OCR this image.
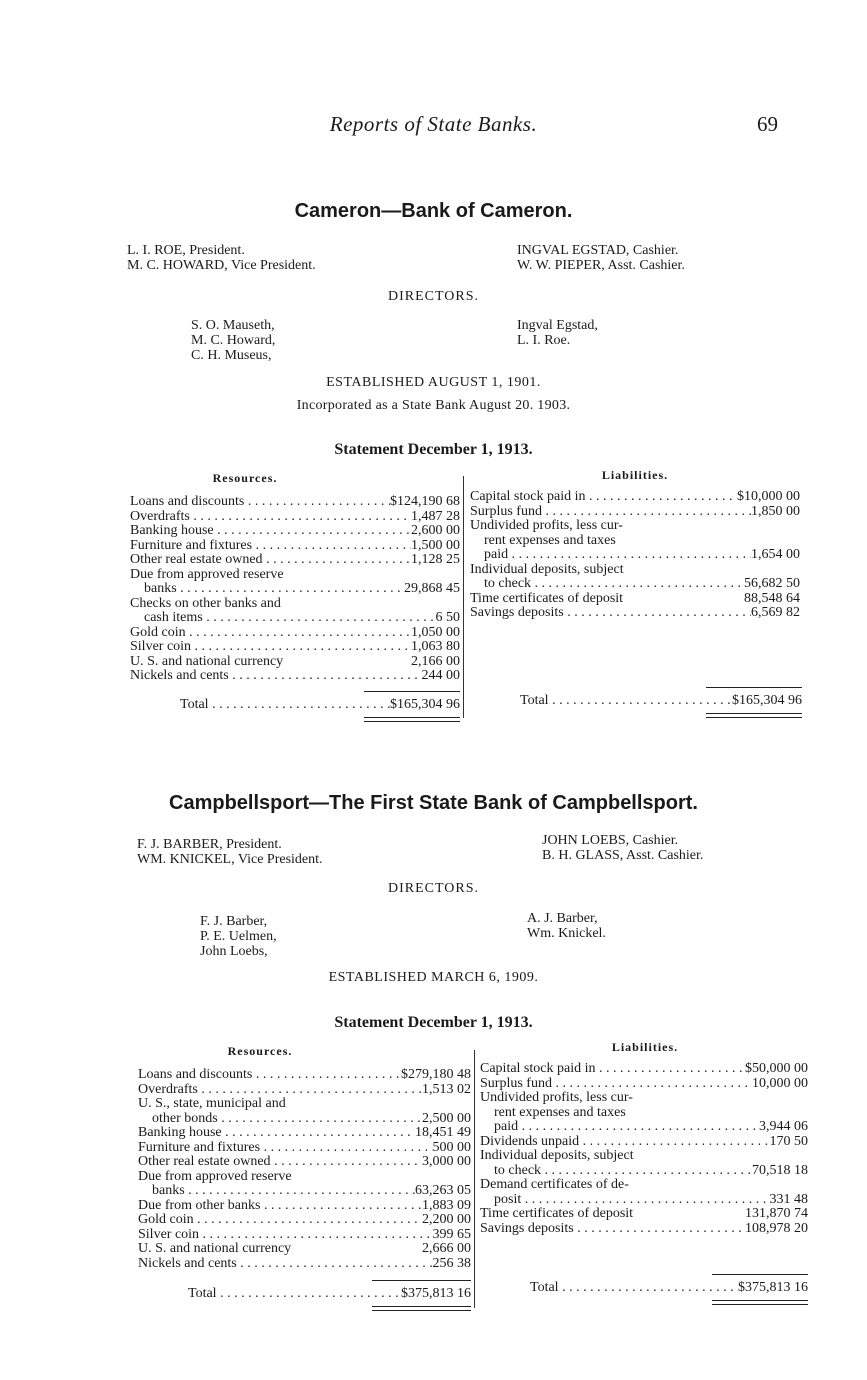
Reports of State Banks.	69
Cameron—Bank of Cameron.
L. I. ROE, President.
M. C. HOWARD, Vice President.
INGVAL EGSTAD, Cashier.
W. W. PIEPER, Asst. Cashier.
DIRECTORS.
S. O. Mauseth,
M. C. Howard,
C. H. Museus,
Ingval Egstad,
L. I. Roe.
ESTABLISHED AUGUST 1, 1901.
Incorporated as a State Bank August 20. 1903.
Statement December 1, 1913.
Resources.	Liabilities.
Loans and discounts . . .	$124,190 68
Overdrafts . . .	1,487 28
Banking house . . .	2,600 00
Furniture and fixtures . . .	1,500 00
Other real estate owned . . .	1,128 25
Due from approved reserve
banks . . .	29,868 45
Checks on other banks and
cash items . . .	6 50
Gold coin . . .	1,050 00
Silver coin . . .	1,063 80
U. S. and national currency	2,166 00
Nickels and cents . . .	244 00
Capital stock paid in . . .	$10,000 00
Surplus fund . . .	1,850 00
Undivided profits, less cur-
rent expenses and taxes
paid . . .	1,654 00
Individual deposits, subject
to check . . .	56,682 50
Time certificates of deposit	88,548 64
Savings deposits . . .	6,569 82
Total . . .	$165,304 96	Total . . .	$165,304 96
Campbellsport—The First State Bank of Campbellsport.
F. J. BARBER, President.
WM. KNICKEL, Vice President.
JOHN LOEBS, Cashier.
B. H. GLASS, Asst. Cashier.
DIRECTORS.
F. J. Barber,
P. E. Uelmen,
John Loebs,
A. J. Barber,
Wm. Knickel.
ESTABLISHED MARCH 6, 1909.
Statement December 1, 1913.
Resources.	Liabilities.
Loans and discounts . . .	$279,180 48
Overdrafts . . .	1,513 02
U. S., state, municipal and
other bonds . . .	2,500 00
Banking house . . .	18,451 49
Furniture and fixtures . . .	500 00
Other real estate owned . . .	3,000 00
Due from approved reserve
banks . . .	63,263 05
Due from other banks . . .	1,883 09
Gold coin . . .	2,200 00
Silver coin . . .	399 65
U. S. and national currency	2,666 00
Nickels and cents . . .	256 38
Capital stock paid in . . .	$50,000 00
Surplus fund . . .	10,000 00
Undivided profits, less cur-
rent expenses and taxes
paid . . .	3,944 06
Dividends unpaid . . .	170 50
Individual deposits, subject
to check . . .	70,518 18
Demand certificates of de-
posit . . .	331 48
Time certificates of deposit	131,870 74
Savings deposits . . .	108,978 20
Total . . .	$375,813 16	Total . . .	$375,813 16
